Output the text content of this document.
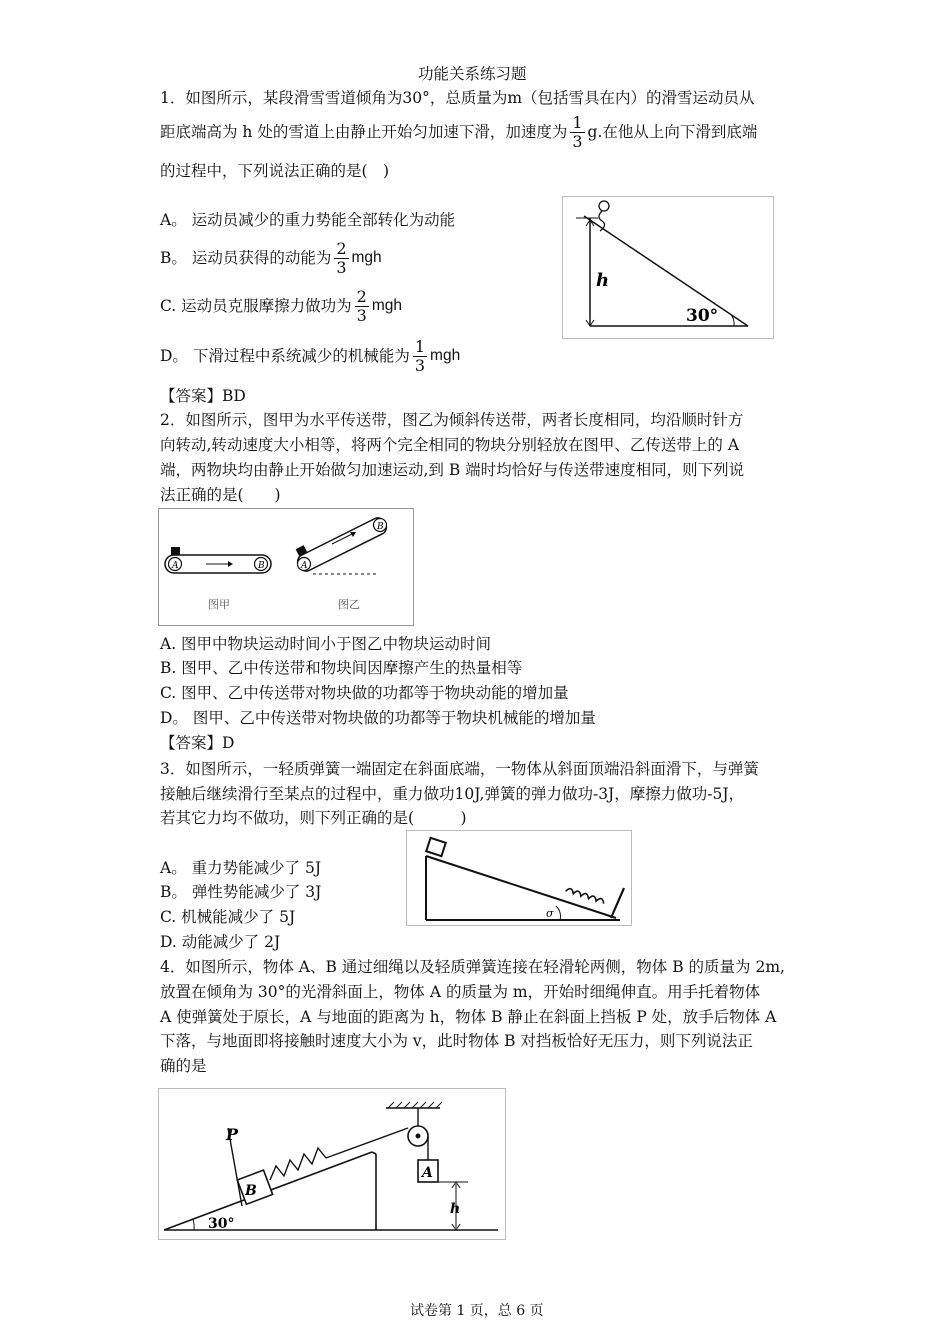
功能关系练习题
1．如图所示，某段滑雪雪道倾角为30°，总质量为m（包括雪具在内）的滑雪运动员从
距底端高为 h 处的雪道上由静止开始匀加速下滑，加速度为 $\frac{1}{3} g$.在他从上向下滑到底端
的过程中，下列说法正确的是(　)
A。 运动员减少的重力势能全部转化为动能
B。 运动员获得的动能为 $\frac{2}{3}$ mgh
C. 运动员克服摩擦力做功为 $\frac{2}{3}$ mgh
D。 下滑过程中系统减少的机械能为 $\frac{1}{3}$ mgh
【答案】BD
h
30°
2．如图所示，图甲为水平传送带，图乙为倾斜传送带，两者长度相同，均沿顺时针方
向转动,转动速度大小相等，将两个完全相同的物块分别轻放在图甲、乙传送带上的 A
端，两物块均由静止开始做匀加速运动,到 B 端时均恰好与传送带速度相同，则下列说
法正确的是(　　)
A	B	A
B
图甲	图乙
A. 图甲中物块运动时间小于图乙中物块运动时间
B. 图甲、乙中传送带和物块间因摩擦产生的热量相等
C. 图甲、乙中传送带对物块做的功都等于物块动能的增加量
D。 图甲、乙中传送带对物块做的功都等于物块机械能的增加量
【答案】D
3．如图所示，一轻质弹簧一端固定在斜面底端，一物体从斜面顶端沿斜面滑下，与弹簧
接触后继续滑行至某点的过程中，重力做功10J,弹簧的弹力做功-3J，摩擦力做功-5J，
若其它力均不做功，则下列正确的是(　　　)
A。 重力势能减少了 5J
B。 弹性势能减少了 3J
C. 机械能减少了 5J
D. 动能减少了 2J
σ
4．如图所示，物体 A、B 通过细绳以及轻质弹簧连接在轻滑轮两侧，物体 B 的质量为 2m,
放置在倾角为 30°的光滑斜面上，物体 A 的质量为 m，开始时细绳伸直。用手托着物体
A 使弹簧处于原长，A 与地面的距离为 h，物体 B 静止在斜面上挡板 P 处，放手后物体 A
下落，与地面即将接触时速度大小为 v，此时物体 B 对挡板恰好无压力，则下列说法正
确的是
30°
P
B
A
h
试卷第 1 页，总 6 页
